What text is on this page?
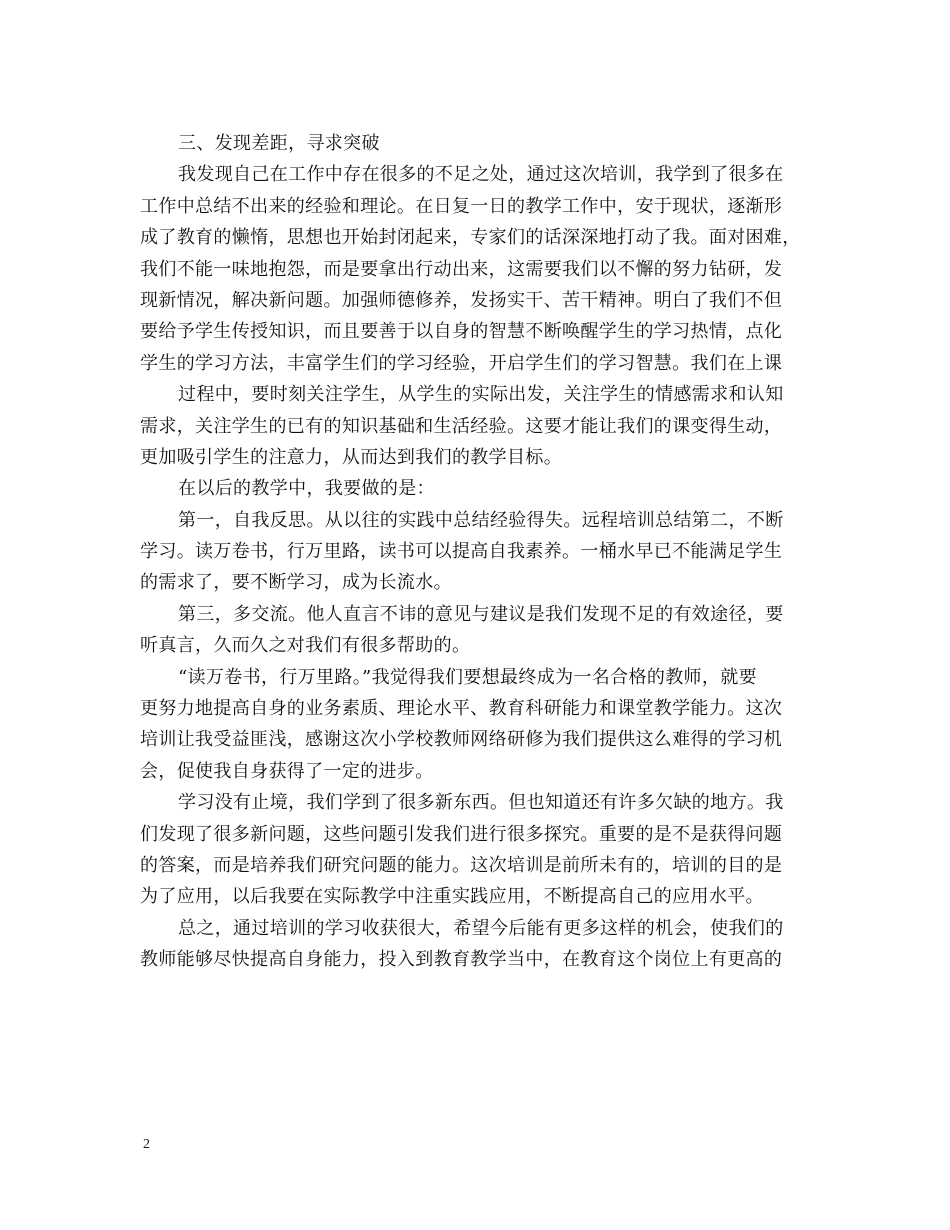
三、发现差距，寻求突破
我发现自己在工作中存在很多的不足之处，通过这次培训，我学到了很多在
工作中总结不出来的经验和理论。在日复一日的教学工作中，安于现状，逐渐形
成了教育的懒惰，思想也开始封闭起来，专家们的话深深地打动了我。面对困难，
我们不能一味地抱怨，而是要拿出行动出来，这需要我们以不懈的努力钻研，发
现新情况，解决新问题。加强师德修养，发扬实干、苦干精神。明白了我们不但
要给予学生传授知识，而且要善于以自身的智慧不断唤醒学生的学习热情，点化
学生的学习方法，丰富学生们的学习经验，开启学生们的学习智慧。我们在上课
过程中，要时刻关注学生，从学生的实际出发，关注学生的情感需求和认知
需求，关注学生的已有的知识基础和生活经验。这要才能让我们的课变得生动，
更加吸引学生的注意力，从而达到我们的教学目标。
在以后的教学中，我要做的是：
第一，自我反思。从以往的实践中总结经验得失。远程培训总结第二，不断
学习。读万卷书，行万里路，读书可以提高自我素养。一桶水早已不能满足学生
的需求了，要不断学习，成为长流水。
第三，多交流。他人直言不讳的意见与建议是我们发现不足的有效途径，要
听真言，久而久之对我们有很多帮助的。
“读万卷书，行万里路。”我觉得我们要想最终成为一名合格的教师，就要
更努力地提高自身的业务素质、理论水平、教育科研能力和课堂教学能力。这次
培训让我受益匪浅，感谢这次小学校教师网络研修为我们提供这么难得的学习机
会，促使我自身获得了一定的进步。
学习没有止境，我们学到了很多新东西。但也知道还有许多欠缺的地方。我
们发现了很多新问题，这些问题引发我们进行很多探究。重要的是不是获得问题
的答案，而是培养我们研究问题的能力。这次培训是前所未有的，培训的目的是
为了应用，以后我要在实际教学中注重实践应用，不断提高自己的应用水平。
总之，通过培训的学习收获很大，希望今后能有更多这样的机会，使我们的
教师能够尽快提高自身能力，投入到教育教学当中，在教育这个岗位上有更高的
2
